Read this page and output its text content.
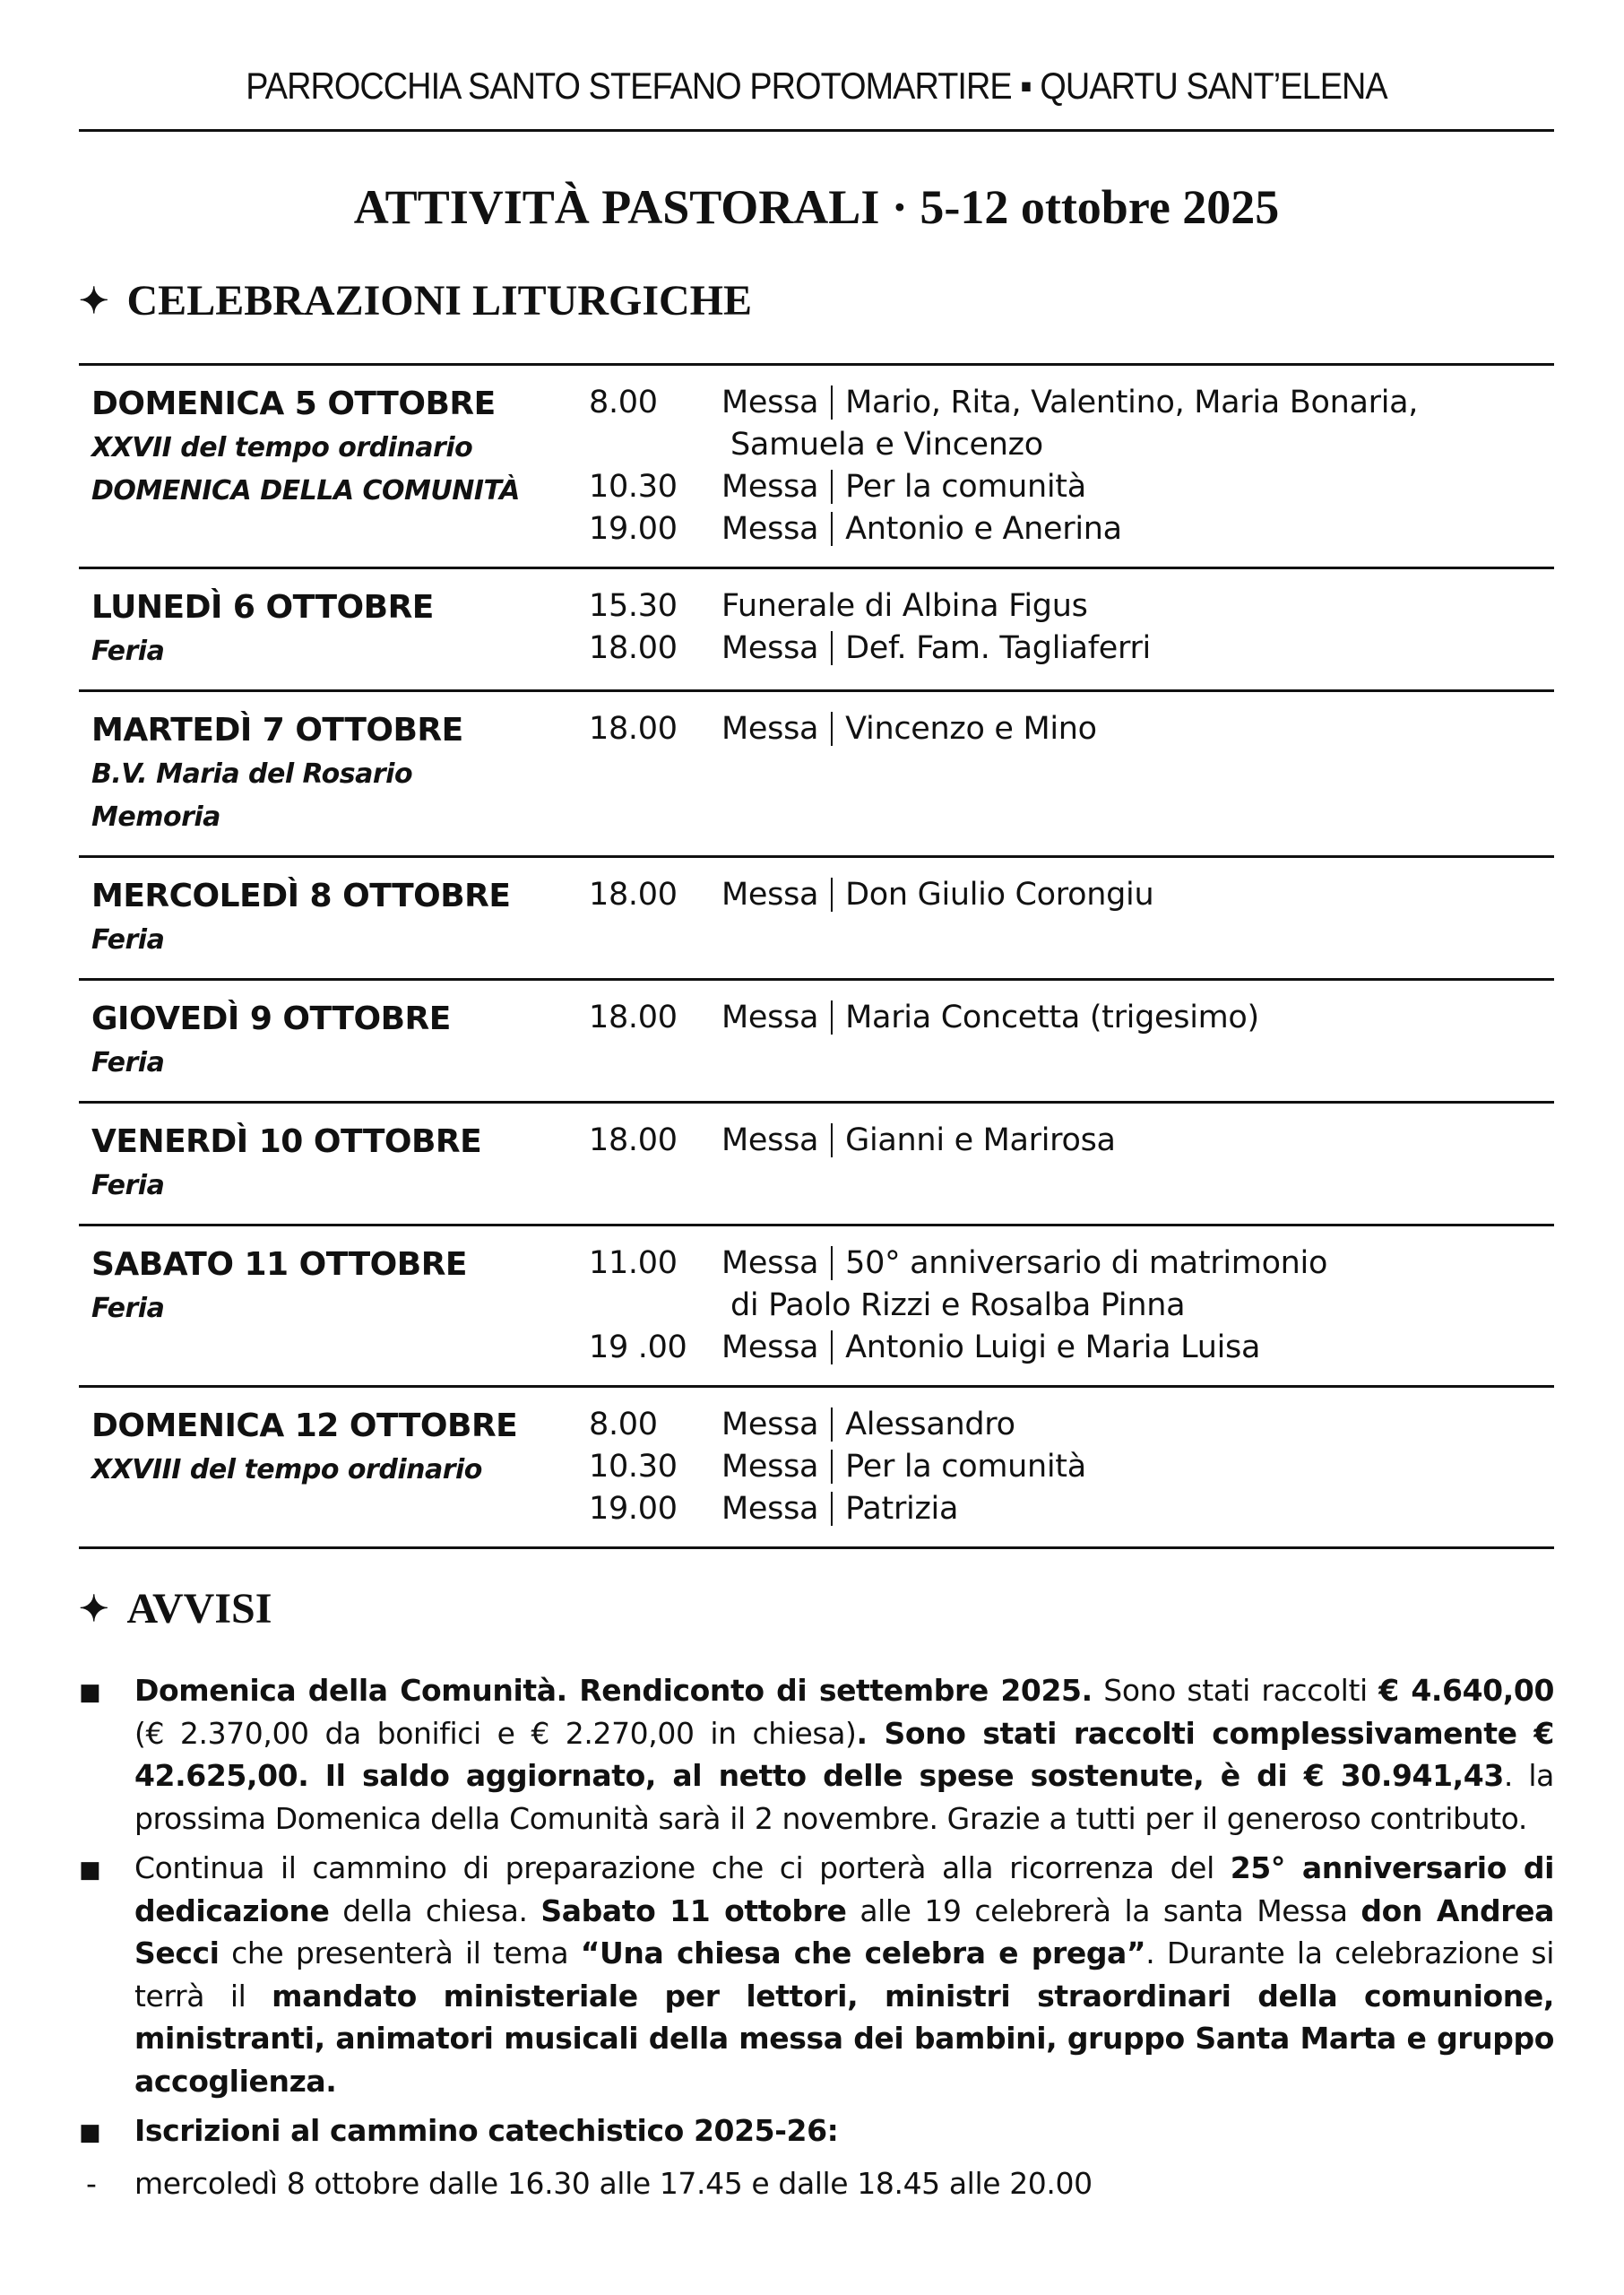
PARROCCHIA SANTO STEFANO PROTOMARTIRE ▪ QUARTU SANT’ELENA
ATTIVITÀ PASTORALI · 5-12 ottobre 2025
✦ CELEBRAZIONI LITURGICHE
DOMENICA 5 OTTOBRE
XXVII del tempo ordinario
DOMENICA DELLA COMUNITÀ
8.00	Messa Mario, Rita, Valentino, Maria Bonaria,
Samuela e Vincenzo
10.30	Messa Per la comunità
19.00	Messa Antonio e Anerina
LUNEDÌ 6 OTTOBRE
Feria
15.30	Funerale di Albina Figus
18.00	Messa Def. Fam. Tagliaferri
MARTEDÌ 7 OTTOBRE
B.V. Maria del Rosario
Memoria
18.00	Messa Vincenzo e Mino
MERCOLEDÌ 8 OTTOBRE
Feria
18.00	Messa Don Giulio Corongiu
GIOVEDÌ 9 OTTOBRE
Feria
18.00	Messa Maria Concetta (trigesimo)
VENERDÌ 10 OTTOBRE
Feria
18.00	Messa Gianni e Marirosa
SABATO 11 OTTOBRE
Feria
11.00	Messa 50° anniversario di matrimonio
di Paolo Rizzi e Rosalba Pinna
19 .00	Messa Antonio Luigi e Maria Luisa
DOMENICA 12 OTTOBRE
XXVIII del tempo ordinario
8.00	Messa Alessandro
10.30	Messa Per la comunità
19.00	Messa Patrizia
✦ AVVISI
■	Domenica della Comunità. Rendiconto di settembre 2025. Sono stati raccolti € 4.640,00 (€ 2.370,00 da bonifici e € 2.270,00 in chiesa). Sono stati raccolti complessivamente € 42.625,00. Il saldo aggiornato, al netto delle spese sostenute, è di € 30.941,43. la prossima Domenica della Comunità sarà il 2 novembre. Grazie a tutti per il generoso contributo.
■	Continua il cammino di preparazione che ci porterà alla ricorrenza del 25° anniversario di dedicazione della chiesa. Sabato 11 ottobre alle 19 celebrerà la santa Messa don Andrea Secci che presenterà il tema “Una chiesa che celebra e prega”. Durante la celebrazione si terrà il mandato ministeriale per lettori, ministri straordinari della comunione, ministranti, animatori musicali della messa dei bambini, gruppo Santa Marta e gruppo accoglienza.
■	Iscrizioni al cammino catechistico 2025-26:
-	mercoledì 8 ottobre dalle 16.30 alle 17.45 e dalle 18.45 alle 20.00
